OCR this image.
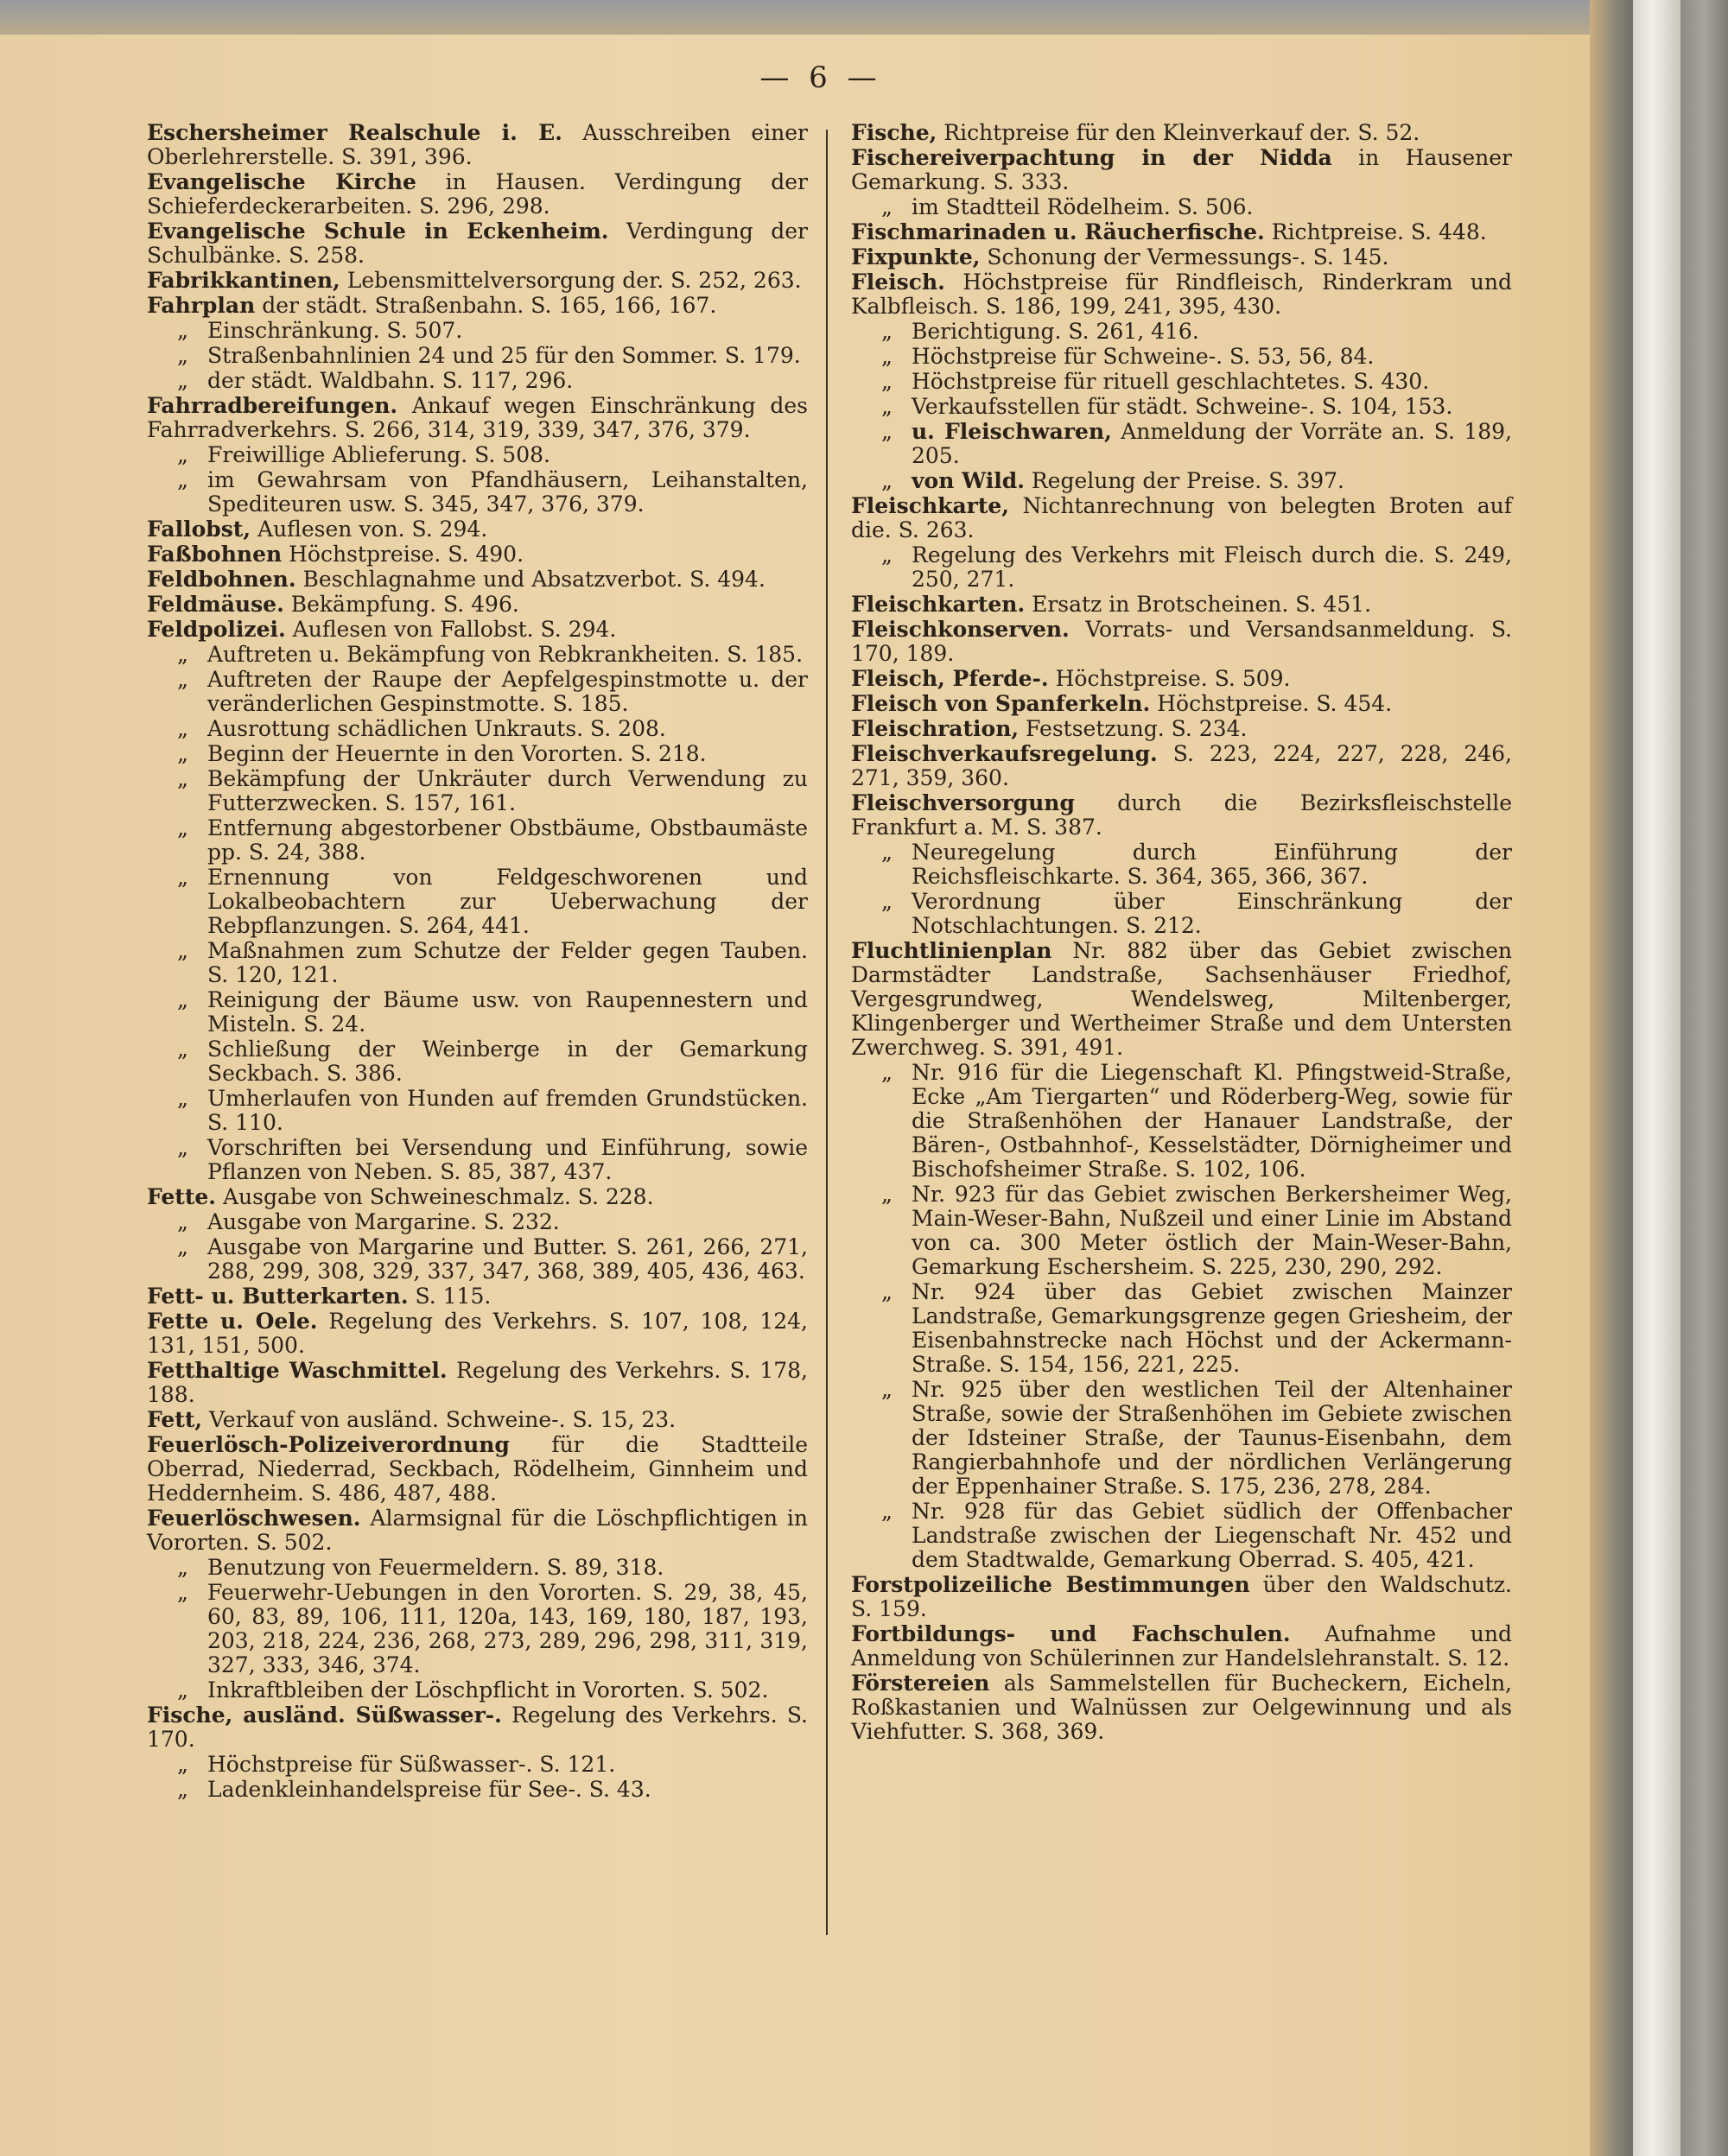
— 6 —
Eschersheimer Realschule i. E. Ausschreiben einer Oberlehrerstelle. S. 391, 396.
Evangelische Kirche in Hausen. Verdingung der Schieferdeckerarbeiten. S. 296, 298.
Evangelische Schule in Eckenheim. Verdingung der Schulbänke. S. 258.
Fabrikkantinen, Lebensmittelversorgung der. S. 252, 263.
Fahrplan der städt. Straßenbahn. S. 165, 166, 167.
„ Einschränkung. S. 507.
„ Straßenbahnlinien 24 und 25 für den Sommer. S. 179.
„ der städt. Waldbahn. S. 117, 296.
Fahrradbereifungen. Ankauf wegen Einschränkung des Fahrradverkehrs. S. 266, 314, 319, 339, 347, 376, 379.
„ Freiwillige Ablieferung. S. 508.
„ im Gewahrsam von Pfandhäusern, Leihanstalten, Spediteuren usw. S. 345, 347, 376, 379.
Fallobst, Auflesen von. S. 294.
Faßbohnen Höchstpreise. S. 490.
Feldbohnen. Beschlagnahme und Absatzverbot. S. 494.
Feldmäuse. Bekämpfung. S. 496.
Feldpolizei. Auflesen von Fallobst. S. 294.
„ Auftreten u. Bekämpfung von Rebkrankheiten. S. 185.
„ Auftreten der Raupe der Aepfelgespinstmotte u. der veränderlichen Gespinstmotte. S. 185.
„ Ausrottung schädlichen Unkrauts. S. 208.
„ Beginn der Heuernte in den Vororten. S. 218.
„ Bekämpfung der Unkräuter durch Verwendung zu Futterzwecken. S. 157, 161.
„ Entfernung abgestorbener Obstbäume, Obstbaumäste pp. S. 24, 388.
„ Ernennung von Feldgeschworenen und Lokalbeobachtern zur Ueberwachung der Rebpflanzungen. S. 264, 441.
„ Maßnahmen zum Schutze der Felder gegen Tauben. S. 120, 121.
„ Reinigung der Bäume usw. von Raupennestern und Misteln. S. 24.
„ Schließung der Weinberge in der Gemarkung Seckbach. S. 386.
„ Umherlaufen von Hunden auf fremden Grundstücken. S. 110.
„ Vorschriften bei Versendung und Einführung, sowie Pflanzen von Neben. S. 85, 387, 437.
Fette. Ausgabe von Schweineschmalz. S. 228.
„ Ausgabe von Margarine. S. 232.
„ Ausgabe von Margarine und Butter. S. 261, 266, 271, 288, 299, 308, 329, 337, 347, 368, 389, 405, 436, 463.
Fett- u. Butterkarten. S. 115.
Fette u. Oele. Regelung des Verkehrs. S. 107, 108, 124, 131, 151, 500.
Fetthaltige Waschmittel. Regelung des Verkehrs. S. 178, 188.
Fett, Verkauf von ausländ. Schweine-. S. 15, 23.
Feuerlösch-Polizeiverordnung für die Stadtteile Oberrad, Niederrad, Seckbach, Rödelheim, Ginnheim und Heddernheim. S. 486, 487, 488.
Feuerlöschwesen. Alarmsignal für die Löschpflichtigen in Vororten. S. 502.
„ Benutzung von Feuermeldern. S. 89, 318.
„ Feuerwehr-Uebungen in den Vororten. S. 29, 38, 45, 60, 83, 89, 106, 111, 120a, 143, 169, 180, 187, 193, 203, 218, 224, 236, 268, 273, 289, 296, 298, 311, 319, 327, 333, 346, 374.
„ Inkraftbleiben der Löschpflicht in Vororten. S. 502.
Fische, ausländ. Süßwasser-. Regelung des Verkehrs. S. 170.
„ Höchstpreise für Süßwasser-. S. 121.
„ Ladenkleinhandelspreise für See-. S. 43.
Fische, Richtpreise für den Kleinverkauf der. S. 52.
Fischereiverpachtung in der Nidda in Hausener Gemarkung. S. 333.
„ im Stadtteil Rödelheim. S. 506.
Fischmarinaden u. Räucherfische. Richtpreise. S. 448.
Fixpunkte, Schonung der Vermessungs-. S. 145.
Fleisch. Höchstpreise für Rindfleisch, Rinderkram und Kalbfleisch. S. 186, 199, 241, 395, 430.
„ Berichtigung. S. 261, 416.
„ Höchstpreise für Schweine-. S. 53, 56, 84.
„ Höchstpreise für rituell geschlachtetes. S. 430.
„ Verkaufsstellen für städt. Schweine-. S. 104, 153.
„ u. Fleischwaren, Anmeldung der Vorräte an. S. 189, 205.
„ von Wild. Regelung der Preise. S. 397.
Fleischkarte, Nichtanrechnung von belegten Broten auf die. S. 263.
„ Regelung des Verkehrs mit Fleisch durch die. S. 249, 250, 271.
Fleischkarten. Ersatz in Brotscheinen. S. 451.
Fleischkonserven. Vorrats- und Versandsanmeldung. S. 170, 189.
Fleisch, Pferde-. Höchstpreise. S. 509.
Fleisch von Spanferkeln. Höchstpreise. S. 454.
Fleischration, Festsetzung. S. 234.
Fleischverkaufsregelung. S. 223, 224, 227, 228, 246, 271, 359, 360.
Fleischversorgung durch die Bezirksfleischstelle Frankfurt a. M. S. 387.
„ Neuregelung durch Einführung der Reichsfleischkarte. S. 364, 365, 366, 367.
„ Verordnung über Einschränkung der Notschlachtungen. S. 212.
Fluchtlinienplan Nr. 882 über das Gebiet zwischen Darmstädter Landstraße, Sachsenhäuser Friedhof, Vergesgrundweg, Wendelsweg, Miltenberger, Klingenberger und Wertheimer Straße und dem Untersten Zwerchweg. S. 391, 491.
„ Nr. 916 für die Liegenschaft Kl. Pfingstweid-Straße, Ecke „Am Tiergarten“ und Röderberg-Weg, sowie für die Straßenhöhen der Hanauer Landstraße, der Bären-, Ostbahnhof-, Kesselstädter, Dörnigheimer und Bischofsheimer Straße. S. 102, 106.
„ Nr. 923 für das Gebiet zwischen Berkersheimer Weg, Main-Weser-Bahn, Nußzeil und einer Linie im Abstand von ca. 300 Meter östlich der Main-Weser-Bahn, Gemarkung Eschersheim. S. 225, 230, 290, 292.
„ Nr. 924 über das Gebiet zwischen Mainzer Landstraße, Gemarkungsgrenze gegen Griesheim, der Eisenbahnstrecke nach Höchst und der Ackermann-Straße. S. 154, 156, 221, 225.
„ Nr. 925 über den westlichen Teil der Altenhainer Straße, sowie der Straßenhöhen im Gebiete zwischen der Idsteiner Straße, der Taunus-Eisenbahn, dem Rangierbahnhofe und der nördlichen Verlängerung der Eppenhainer Straße. S. 175, 236, 278, 284.
„ Nr. 928 für das Gebiet südlich der Offenbacher Landstraße zwischen der Liegenschaft Nr. 452 und dem Stadtwalde, Gemarkung Oberrad. S. 405, 421.
Forstpolizeiliche Bestimmungen über den Waldschutz. S. 159.
Fortbildungs- und Fachschulen. Aufnahme und Anmeldung von Schülerinnen zur Handelslehranstalt. S. 12.
Förstereien als Sammelstellen für Bucheckern, Eicheln, Roßkastanien und Walnüssen zur Oelgewinnung und als Viehfutter. S. 368, 369.
